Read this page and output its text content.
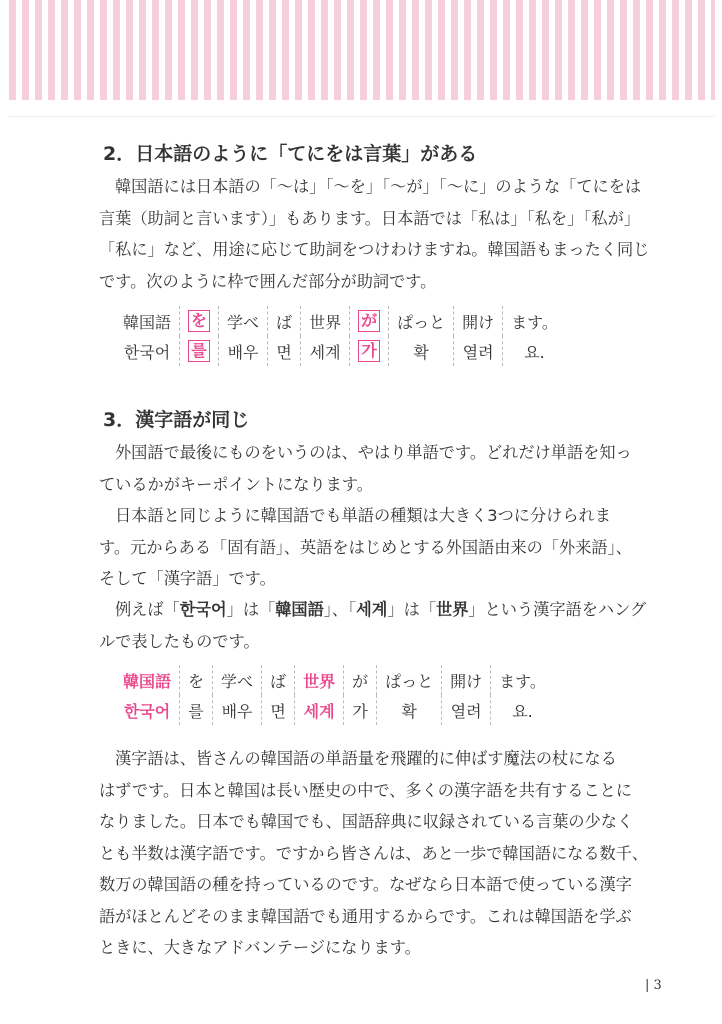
2．日本語のように「てにをは言葉」がある
韓国語には日本語の「〜は」「〜を」「〜が」「〜に」のような「てにをは
言葉（助詞と言います）」もあります。日本語では「私は」「私を」「私が」
「私に」など、用途に応じて助詞をつけわけますね。韓国語もまったく同じ
です。次のように枠で囲んだ部分が助詞です。
韓国語	を	学べ	ば	世界	が	ぱっと	開け	ます。
한국어	를	배우	면	세계	가	확	열려	요.
3．漢字語が同じ
外国語で最後にものをいうのは、やはり単語です。どれだけ単語を知っ
ているかがキーポイントになります。
日本語と同じように韓国語でも単語の種類は大きく3つに分けられま
す。元からある「固有語」、英語をはじめとする外国語由来の「外来語」、
そして「漢字語」です。
例えば「한국어」は「韓国語」、「세계」は「世界」という漢字語をハング
ルで表したものです。
韓国語	を	学べ	ば	世界	が	ぱっと	開け	ます。
한국어	를	배우	면	세계	가	확	열려	요.
漢字語は、皆さんの韓国語の単語量を飛躍的に伸ばす魔法の杖になる
はずです。日本と韓国は長い歴史の中で、多くの漢字語を共有することに
なりました。日本でも韓国でも、国語辞典に収録されている言葉の少なく
とも半数は漢字語です。ですから皆さんは、あと一歩で韓国語になる数千、
数万の韓国語の種を持っているのです。なぜなら日本語で使っている漢字
語がほとんどそのまま韓国語でも通用するからです。これは韓国語を学ぶ
ときに、大きなアドバンテージになります。
| 3
